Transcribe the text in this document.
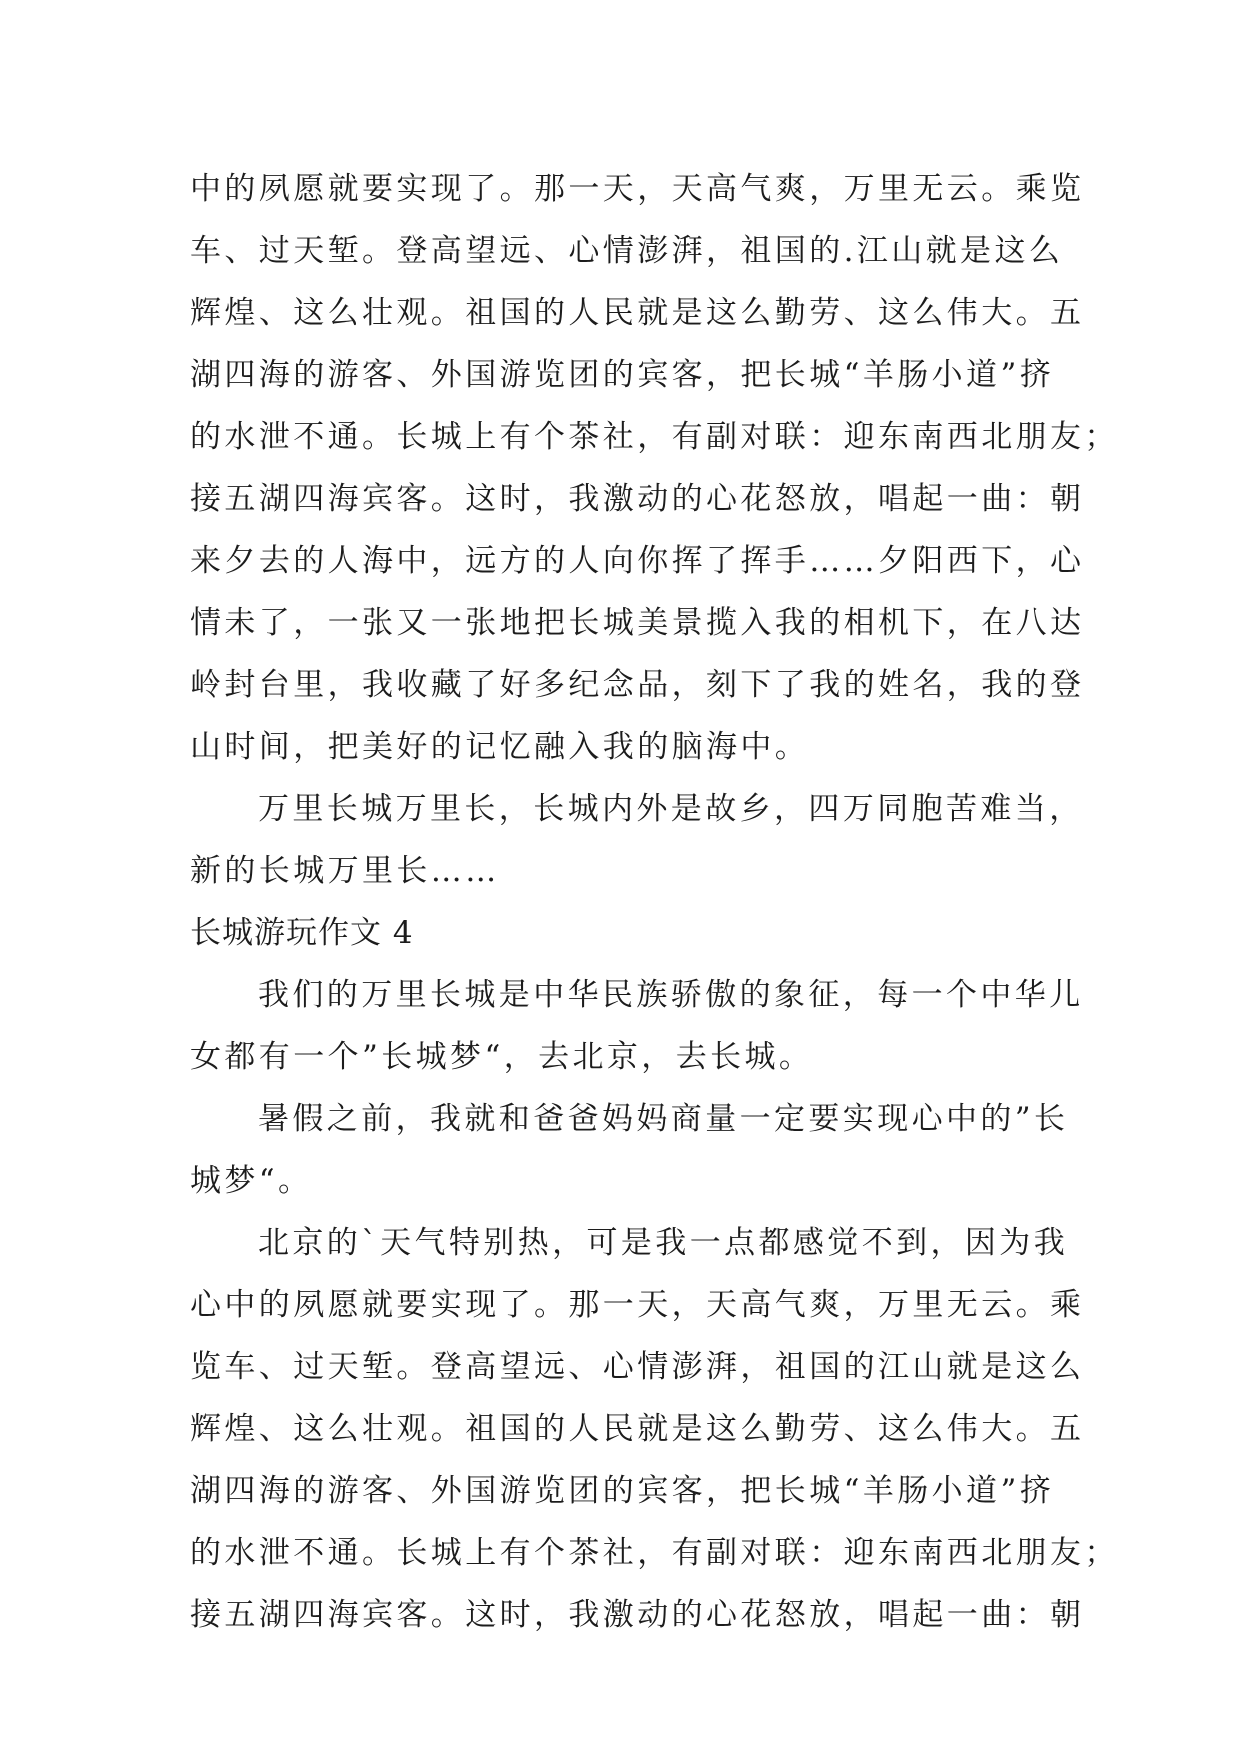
中的夙愿就要实现了。那一天，天高气爽，万里无云。乘览
车、过天堑。登高望远、心情澎湃，祖国的.江山就是这么
辉煌、这么壮观。祖国的人民就是这么勤劳、这么伟大。五
湖四海的游客、外国游览团的宾客，把长城“羊肠小道”挤
的水泄不通。长城上有个茶社，有副对联：迎东南西北朋友；
接五湖四海宾客。这时，我激动的心花怒放，唱起一曲：朝
来夕去的人海中，远方的人向你挥了挥手……夕阳西下，心
情未了，一张又一张地把长城美景揽入我的相机下，在八达
岭封台里，我收藏了好多纪念品，刻下了我的姓名，我的登
山时间，把美好的记忆融入我的脑海中。
万里长城万里长，长城内外是故乡，四万同胞苦难当，
新的长城万里长……
长城游玩作文 4
我们的万里长城是中华民族骄傲的象征，每一个中华儿
女都有一个”长城梦“，去北京，去长城。
暑假之前，我就和爸爸妈妈商量一定要实现心中的”长
城梦“。
北京的`天气特别热，可是我一点都感觉不到，因为我
心中的夙愿就要实现了。那一天，天高气爽，万里无云。乘
览车、过天堑。登高望远、心情澎湃，祖国的江山就是这么
辉煌、这么壮观。祖国的人民就是这么勤劳、这么伟大。五
湖四海的游客、外国游览团的宾客，把长城“羊肠小道”挤
的水泄不通。长城上有个茶社，有副对联：迎东南西北朋友；
接五湖四海宾客。这时，我激动的心花怒放，唱起一曲：朝
